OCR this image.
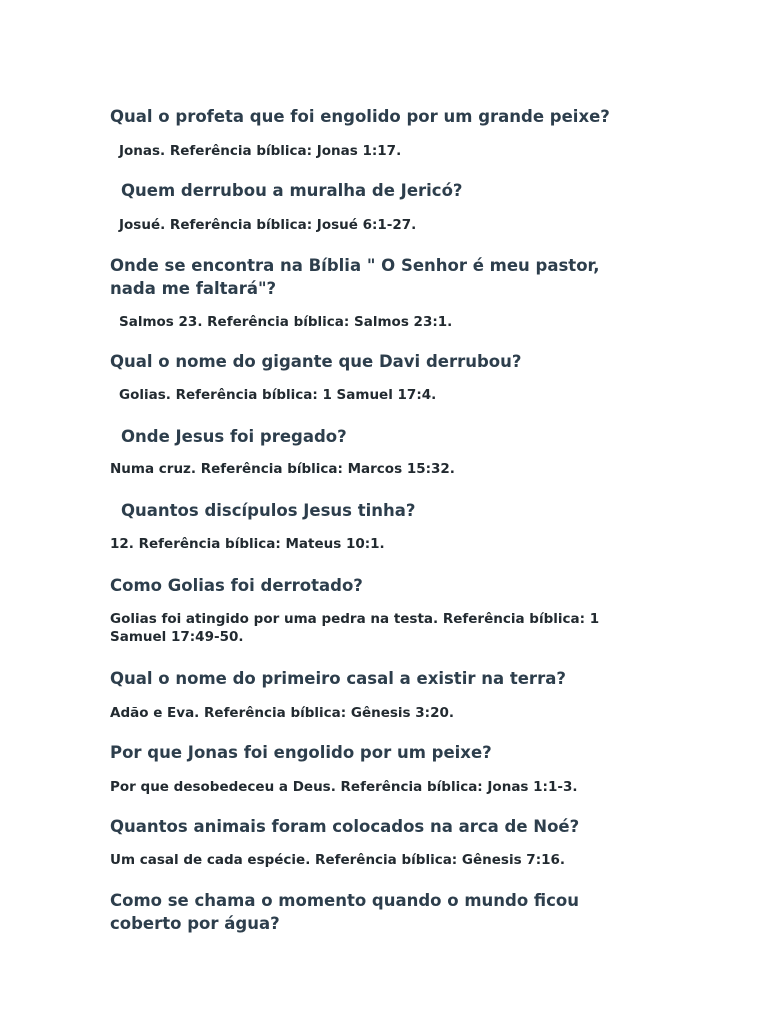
Qual o profeta que foi engolido por um grande peixe?

Jonas. Referência bíblica: Jonas 1:17.

Quem derrubou a muralha de Jericó?

Josué. Referência bíblica: Josué 6:1-27.

Onde se encontra na Bíblia " O Senhor é meu pastor, nada me faltará"?

Salmos 23. Referência bíblica: Salmos 23:1.

Qual o nome do gigante que Davi derrubou?

Golias. Referência bíblica: 1 Samuel 17:4.

Onde Jesus foi pregado?

Numa cruz. Referência bíblica: Marcos 15:32.

Quantos discípulos Jesus tinha?

12. Referência bíblica: Mateus 10:1.

Como Golias foi derrotado?

Golias foi atingido por uma pedra na testa. Referência bíblica: 1 Samuel 17:49-50.

Qual o nome do primeiro casal a existir na terra?

Adão e Eva. Referência bíblica: Gênesis 3:20.

Por que Jonas foi engolido por um peixe?

Por que desobedeceu a Deus. Referência bíblica: Jonas 1:1-3.

Quantos animais foram colocados na arca de Noé?

Um casal de cada espécie. Referência bíblica: Gênesis 7:16.

Como se chama o momento quando o mundo ficou coberto por água?
